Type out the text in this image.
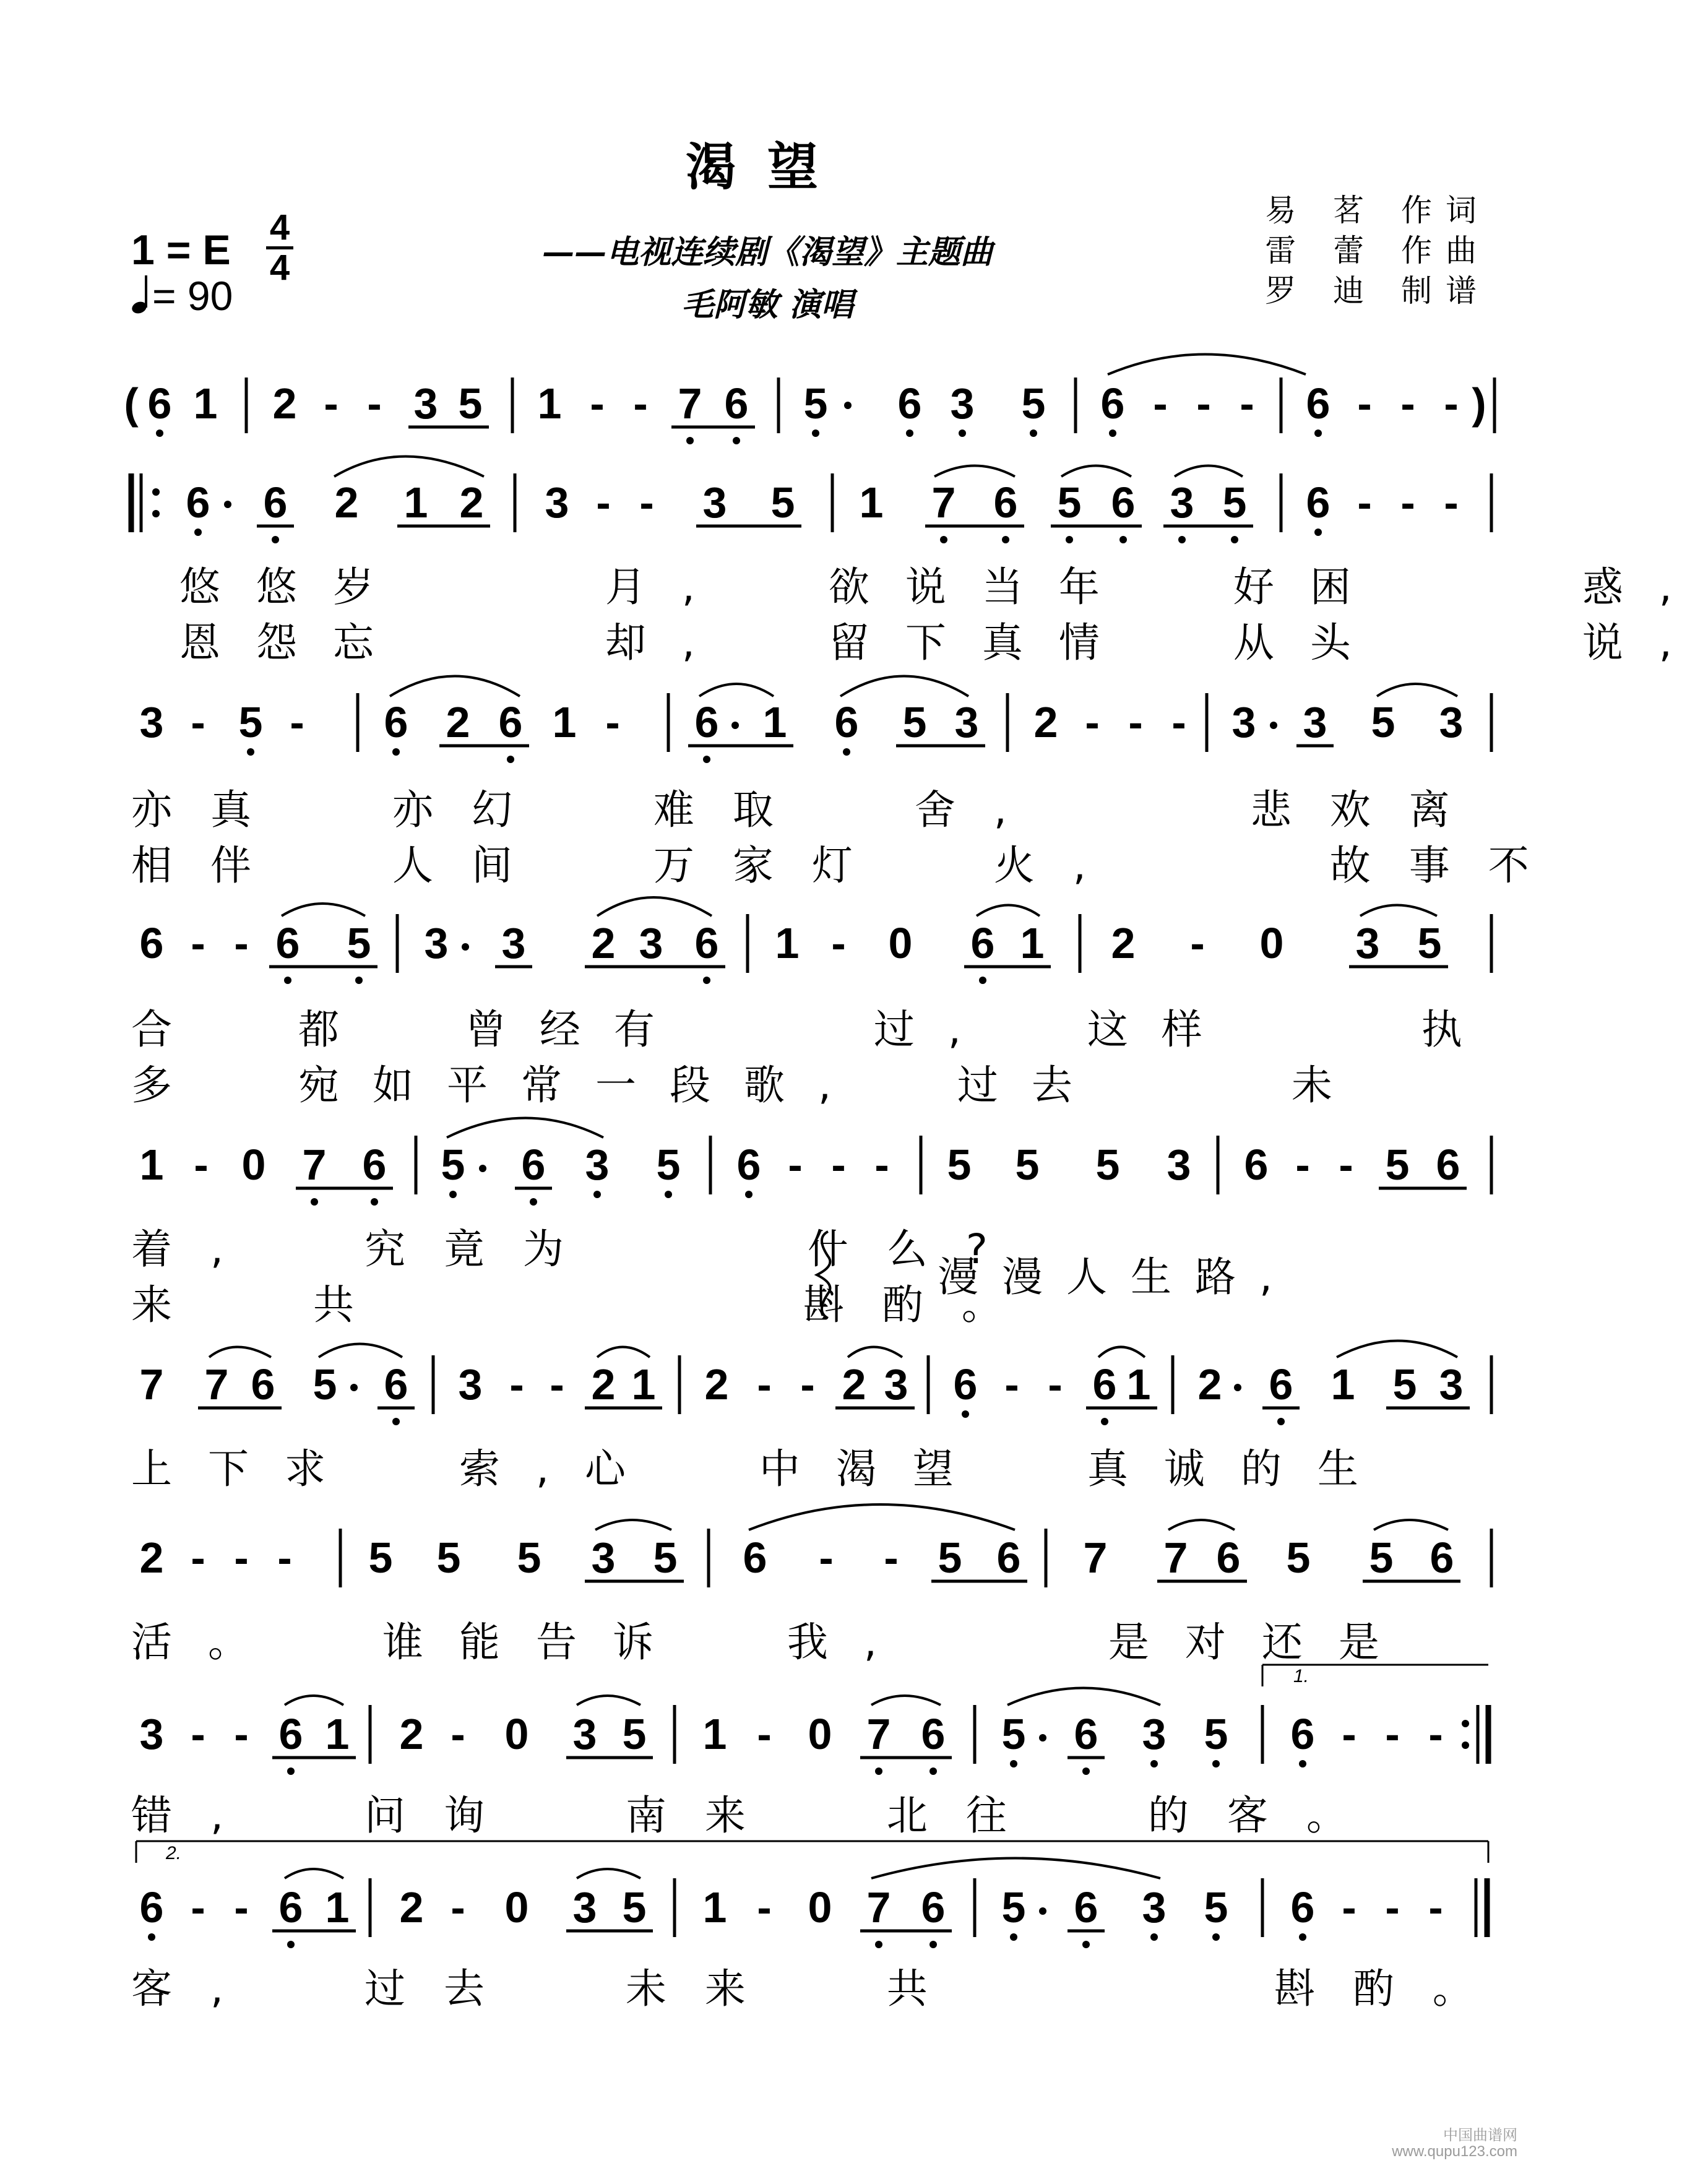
渴望
——电视连续剧《渴望》主题曲
毛阿敏 演唱
易 茗 作词
雷 蕾 作曲
罗 迪 制谱
1 = E 4
4
= 90
( 6 1 2 - - 3 5 1 - - 7 6 5 6 3 5 6 - - - 6 - - - )
6 6 2 1 2 3 - - 3 5 1 7 6 5 6 3 5 6 - - -
3 - 5 - 6 2 6 1 - 6 1 6 5 3 2 - - - 3 3 5 3
6 - - 6 5 3 3 2 3 6 1 - 0 6 1 2 - 0 3 5
1 - 0 7 6 5 6 3 5 6 - - - 5 5 5 3 6 - - 5 6
7 7 6 5 6 3 - - 2 1 2 - - 2 3 6 - - 6 1 2 6 1 5 3
2 - - - 5 5 5 3 5 6 - - 5 6 7 7 6 5 5 6
3 - - 6 1 2 - 0 3 5 1 - 0 7 6 5 6 3 5
1.
6 - - -
2.
6 - - 6 1 2 - 0 3 5 1 - 0 7 6 5 6 3 5 6 - - -
悠悠岁    月,  欲说当年  好困    惑,
恩怨忘    却,  留下真情  从头    说,
亦真  亦幻  难取  舍,    悲欢离
相伴  人间  万家灯  火,    故事不
合  都  曾经有    过,  这样    执
多  宛如平常一段歌,  过去    未
着,  究竟为    什么?
来  共        斟酌。
漫漫人生路,
上下求  索,心  中渴望  真诚的生
活。  谁能告诉  我,    是对还是
错,  问询  南来  北往  的客。
客,  过去  未来  共      斟酌。
中国曲谱网
www.qupu123.com
